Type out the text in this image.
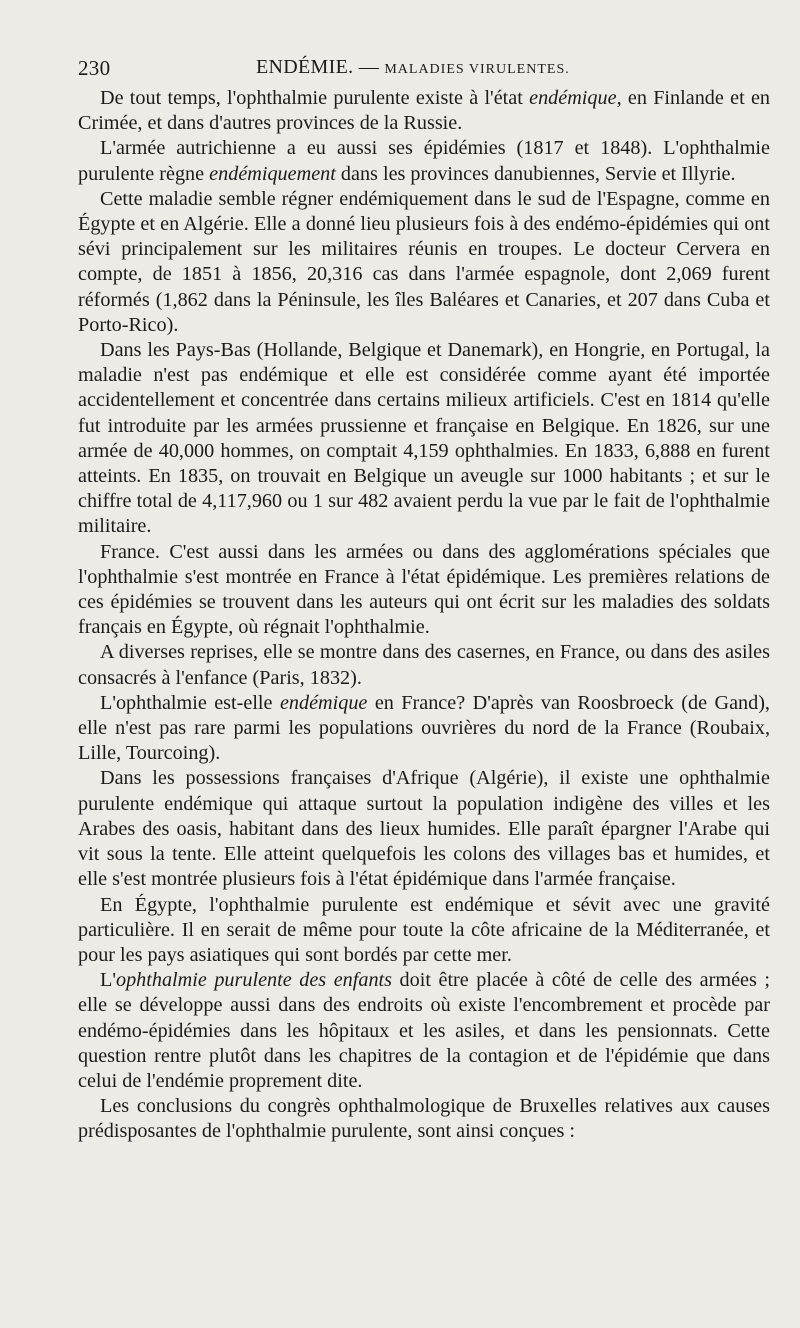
230	ENDÉMIE. — MALADIES VIRULENTES.

De tout temps, l'ophthalmie purulente existe à l'état endémique, en Finlande et en Crimée, et dans d'autres provinces de la Russie.

L'armée autrichienne a eu aussi ses épidémies (1817 et 1848). L'ophthalmie purulente règne endémiquement dans les provinces danubiennes, Servie et Illyrie.

Cette maladie semble régner endémiquement dans le sud de l'Espagne, comme en Égypte et en Algérie. Elle a donné lieu plusieurs fois à des endémo-épidémies qui ont sévi principalement sur les militaires réunis en troupes. Le docteur Cervera en compte, de 1851 à 1856, 20,316 cas dans l'armée espagnole, dont 2,069 furent réformés (1,862 dans la Péninsule, les îles Baléares et Canaries, et 207 dans Cuba et Porto-Rico).

Dans les Pays-Bas (Hollande, Belgique et Danemark), en Hongrie, en Portugal, la maladie n'est pas endémique et elle est considérée comme ayant été importée accidentellement et concentrée dans certains milieux artificiels. C'est en 1814 qu'elle fut introduite par les armées prussienne et française en Belgique. En 1826, sur une armée de 40,000 hommes, on comptait 4,159 ophthalmies. En 1833, 6,888 en furent atteints. En 1835, on trouvait en Belgique un aveugle sur 1000 habitants ; et sur le chiffre total de 4,117,960 ou 1 sur 482 avaient perdu la vue par le fait de l'ophthalmie militaire.

France. C'est aussi dans les armées ou dans des agglomérations spéciales que l'ophthalmie s'est montrée en France à l'état épidémique. Les premières relations de ces épidémies se trouvent dans les auteurs qui ont écrit sur les maladies des soldats français en Égypte, où régnait l'ophthalmie.

A diverses reprises, elle se montre dans des casernes, en France, ou dans des asiles consacrés à l'enfance (Paris, 1832).

L'ophthalmie est-elle endémique en France? D'après van Roosbroeck (de Gand), elle n'est pas rare parmi les populations ouvrières du nord de la France (Roubaix, Lille, Tourcoing).

Dans les possessions françaises d'Afrique (Algérie), il existe une ophthalmie purulente endémique qui attaque surtout la population indigène des villes et les Arabes des oasis, habitant dans des lieux humides. Elle paraît épargner l'Arabe qui vit sous la tente. Elle atteint quelquefois les colons des villages bas et humides, et elle s'est montrée plusieurs fois à l'état épidémique dans l'armée française.

En Égypte, l'ophthalmie purulente est endémique et sévit avec une gravité particulière. Il en serait de même pour toute la côte africaine de la Méditerranée, et pour les pays asiatiques qui sont bordés par cette mer.

L'ophthalmie purulente des enfants doit être placée à côté de celle des armées ; elle se développe aussi dans des endroits où existe l'encombrement et procède par endémo-épidémies dans les hôpitaux et les asiles, et dans les pensionnats. Cette question rentre plutôt dans les chapitres de la contagion et de l'épidémie que dans celui de l'endémie proprement dite.

Les conclusions du congrès ophthalmologique de Bruxelles relatives aux causes prédisposantes de l'ophthalmie purulente, sont ainsi conçues :
